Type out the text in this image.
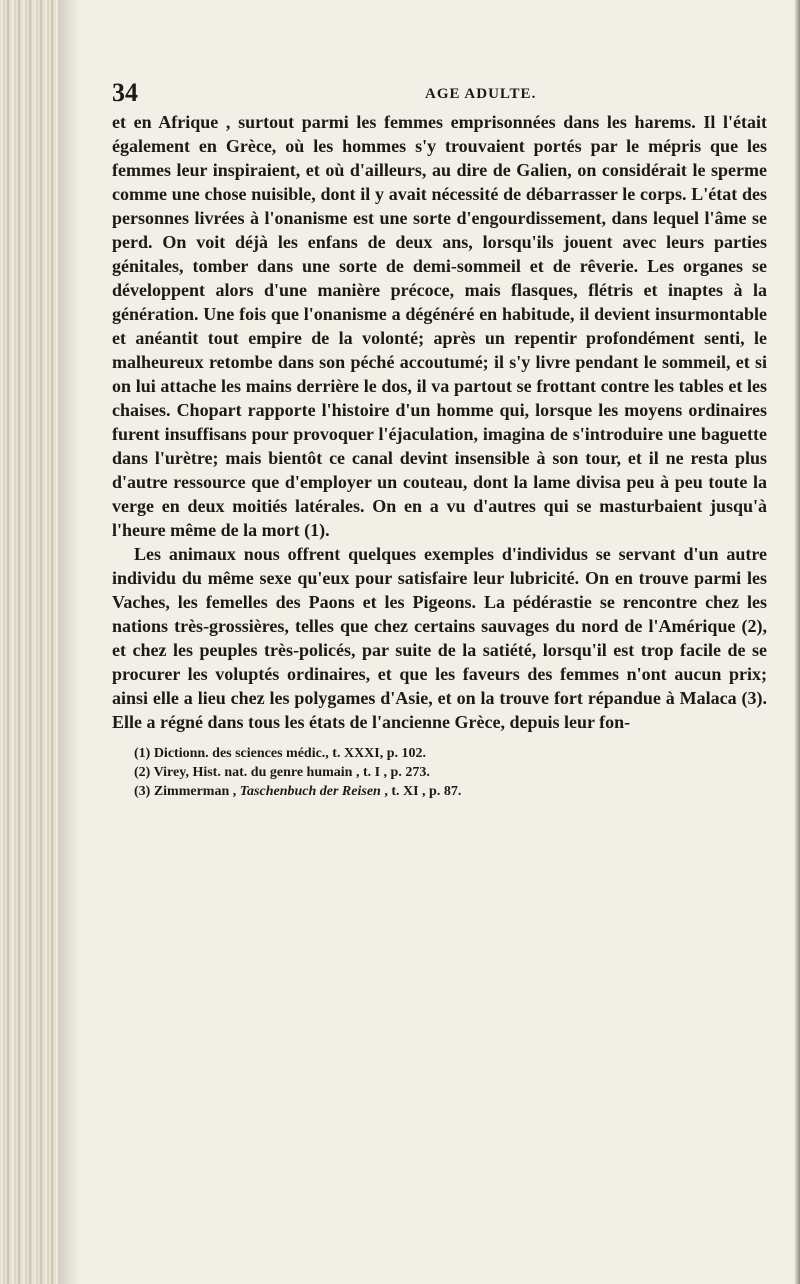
34	AGE ADULTE.

et en Afrique , surtout parmi les femmes emprisonnées dans les harems. Il l'était également en Grèce, où les hommes s'y trouvaient portés par le mépris que les femmes leur inspiraient, et où d'ailleurs, au dire de Galien, on considérait le sperme comme une chose nuisible, dont il y avait nécessité de débarrasser le corps. L'état des personnes livrées à l'onanisme est une sorte d'engourdissement, dans lequel l'âme se perd. On voit déjà les enfans de deux ans, lorsqu'ils jouent avec leurs parties génitales, tomber dans une sorte de demi-sommeil et de rêverie. Les organes se développent alors d'une manière précoce, mais flasques, flétris et inaptes à la génération. Une fois que l'onanisme a dégénéré en habitude, il devient insurmontable et anéantit tout empire de la volonté; après un repentir profondément senti, le malheureux retombe dans son péché accoutumé; il s'y livre pendant le sommeil, et si on lui attache les mains derrière le dos, il va partout se frottant contre les tables et les chaises. Chopart rapporte l'histoire d'un homme qui, lorsque les moyens ordinaires furent insuffisans pour provoquer l'éjaculation, imagina de s'introduire une baguette dans l'urètre; mais bientôt ce canal devint insensible à son tour, et il ne resta plus d'autre ressource que d'employer un couteau, dont la lame divisa peu à peu toute la verge en deux moitiés latérales. On en a vu d'autres qui se masturbaient jusqu'à l'heure même de la mort (1).

Les animaux nous offrent quelques exemples d'individus se servant d'un autre individu du même sexe qu'eux pour satisfaire leur lubricité. On en trouve parmi les Vaches, les femelles des Paons et les Pigeons. La pédérastie se rencontre chez les nations très-grossières, telles que chez certains sauvages du nord de l'Amérique (2), et chez les peuples très-policés, par suite de la satiété, lorsqu'il est trop facile de se procurer les voluptés ordinaires, et que les faveurs des femmes n'ont aucun prix; ainsi elle a lieu chez les polygames d'Asie, et on la trouve fort répandue à Malaca (3). Elle a régné dans tous les états de l'ancienne Grèce, depuis leur fon-

(1) Dictionn. des sciences médic., t. XXXI, p. 102.

(2) Virey, Hist. nat. du genre humain , t. I , p. 273.

(3) Zimmerman , Taschenbuch der Reisen , t. XI , p. 87.
